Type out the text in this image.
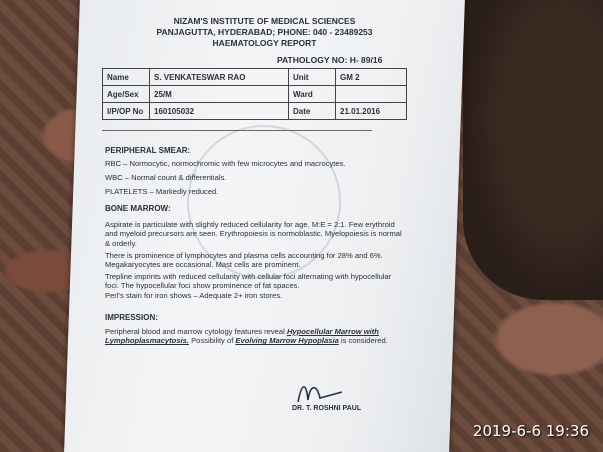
NIZAM'S INSTITUTE OF MEDICAL SCIENCES
PANJAGUTTA, HYDERABAD; PHONE: 040 - 23489253
HAEMATOLOGY REPORT
PATHOLOGY NO: H- 89/16
Name	S. VENKATESWAR RAO	Unit	GM 2
Age/Sex	25/M	Ward	
I/P/OP No	160105032	Date	21.01.2016
PERIPHERAL SMEAR:
RBC – Normocytic, normochromic with few microcytes and macrocytes.
WBC – Normal count & differentials.
PLATELETS – Markedly reduced.
BONE MARROW:
Aspirate is particulate with slightly reduced cellularity for age. M:E = 2:1. Few erythroid and myeloid precursors are seen. Erythropoiesis is normoblastic. Myelopoiesis is normal & orderly.
There is prominence of lymphocytes and plasma cells accounting for 28% and 6%. Megakaryocytes are occasional. Mast cells are prominent.
Trepline imprints with reduced cellularity with cellular foci alternating with hypocellular foci. The hypocellular foci show prominence of fat spaces.
Perl's stain for iron shows – Adequate 2+ iron stores.
IMPRESSION:
Peripheral blood and marrow cytology features reveal Hypocellular Marrow with Lymphoplasmacytosis. Possibility of Evolving Marrow Hypoplasia is considered.
DR. T. ROSHNI PAUL
2019-6-6 19:36
